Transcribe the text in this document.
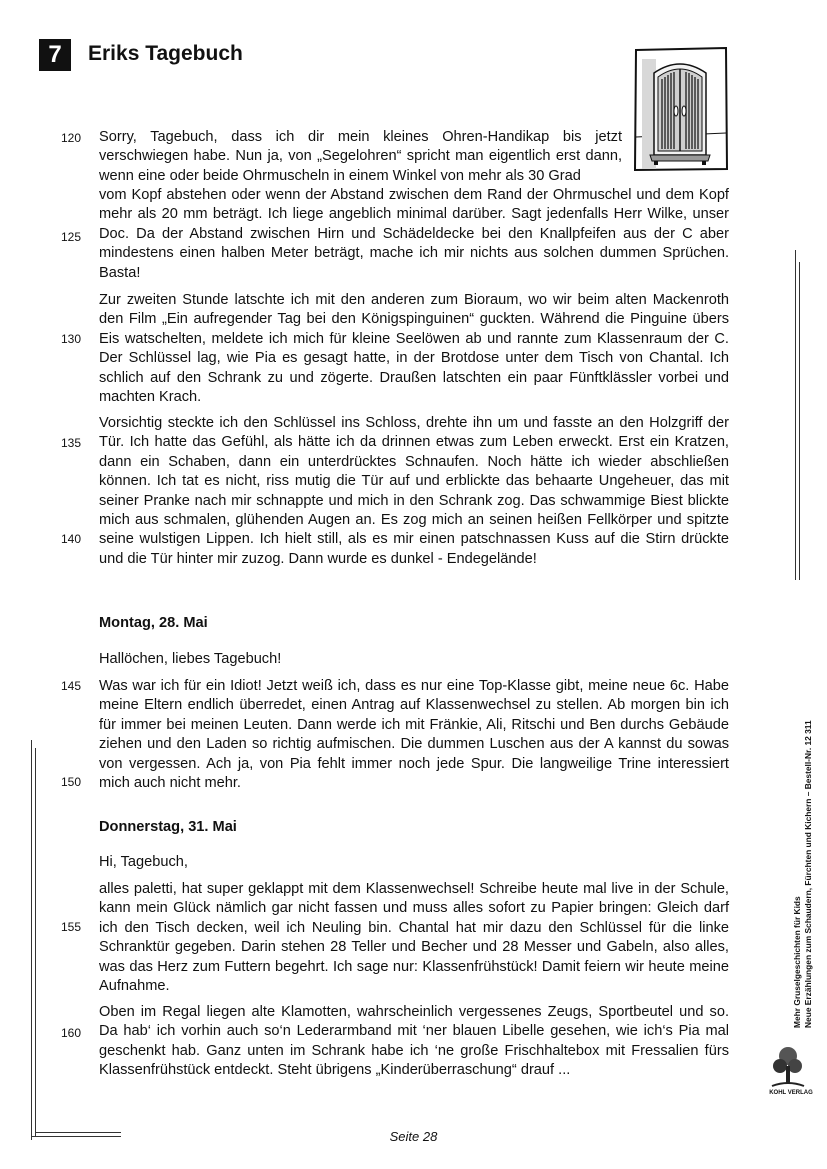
7	Eriks Tagebuch
120
125
130
135
140
145
150
155
160
Sorry, Tagebuch, dass ich dir mein kleines Ohren-Handikap bis jetzt verschwiegen habe. Nun ja, von „Segelohren“ spricht man eigentlich erst dann, wenn eine oder beide Ohrmuscheln in einem Winkel von mehr als 30 Grad
vom Kopf abstehen oder wenn der Abstand zwischen dem Rand der Ohrmuschel und dem Kopf mehr als 20 mm beträgt. Ich liege angeblich minimal darüber. Sagt jedenfalls Herr Wilke, unser Doc. Da der Abstand zwischen Hirn und Schädeldecke bei den Knallpfeifen aus der C aber mindestens einen halben Meter beträgt, mache ich mir nichts aus solchen dummen Sprüchen. Basta!
Zur zweiten Stunde latschte ich mit den anderen zum Bioraum, wo wir beim alten Mackenroth den Film „Ein aufregender Tag bei den Königspinguinen“ guckten. Während die Pinguine übers Eis watschelten, meldete ich mich für kleine Seelöwen ab und rannte zum Klassenraum der C. Der Schlüssel lag, wie Pia es gesagt hatte, in der Brotdose unter dem Tisch von Chantal. Ich schlich auf den Schrank zu und zögerte. Draußen latschten ein paar Fünftklässler vorbei und machten Krach.
Vorsichtig steckte ich den Schlüssel ins Schloss, drehte ihn um und fasste an den Holzgriff der Tür. Ich hatte das Gefühl, als hätte ich da drinnen etwas zum Leben erweckt. Erst ein Kratzen, dann ein Schaben, dann ein unterdrücktes Schnaufen. Noch hätte ich wieder abschließen können. Ich tat es nicht, riss mutig die Tür auf und erblickte das behaarte Ungeheuer, das mit seiner Pranke nach mir schnappte und mich in den Schrank zog. Das schwammige Biest blickte mich aus schmalen, glühenden Augen an. Es zog mich an seinen heißen Fellkörper und spitzte seine wulstigen Lippen. Ich hielt still, als es mir einen patschnassen Kuss auf die Stirn drückte und die Tür hinter mir zuzog. Dann wurde es dunkel - Endegelände!
Montag, 28. Mai
Hallöchen, liebes Tagebuch!
Was war ich für ein Idiot! Jetzt weiß ich, dass es nur eine Top-Klasse gibt, meine neue 6c. Habe meine Eltern endlich überredet, einen Antrag auf Klassenwechsel zu stellen. Ab morgen bin ich für immer bei meinen Leuten. Dann werde ich mit Fränkie, Ali, Ritschi und Ben durchs Gebäude ziehen und den Laden so richtig aufmischen. Die dummen Luschen aus der A kannst du sowas von vergessen. Ach ja, von Pia fehlt immer noch jede Spur. Die langweilige Trine interessiert mich auch nicht mehr.
Donnerstag, 31. Mai
Hi, Tagebuch,
alles paletti, hat super geklappt mit dem Klassenwechsel! Schreibe heute mal live in der Schule, kann mein Glück nämlich gar nicht fassen und muss alles sofort zu Papier bringen: Gleich darf ich den Tisch decken, weil ich Neuling bin. Chantal hat mir dazu den Schlüssel für die linke Schranktür gegeben. Darin stehen 28 Teller und Becher und 28 Messer und Gabeln, also alles, was das Herz zum Futtern begehrt. Ich sage nur: Klassenfrühstück! Damit feiern wir heute meine Aufnahme.
Oben im Regal liegen alte Klamotten, wahrscheinlich vergessenes Zeugs, Sportbeutel und so. Da hab‘ ich vorhin auch so‘n Lederarmband mit ‘ner blauen Libelle gesehen, wie ich‘s Pia mal geschenkt hab. Ganz unten im Schrank habe ich ‘ne große Frischhaltebox mit Fressalien fürs Klassenfrühstück entdeckt. Steht übrigens „Kinderüberraschung“ drauf ...
Mehr Gruselgeschichten für Kids Neue Erzählungen zum Schaudern, Fürchten und Kichern – Bestell-Nr. 12 311
KOHL VERLAG
Seite 28
